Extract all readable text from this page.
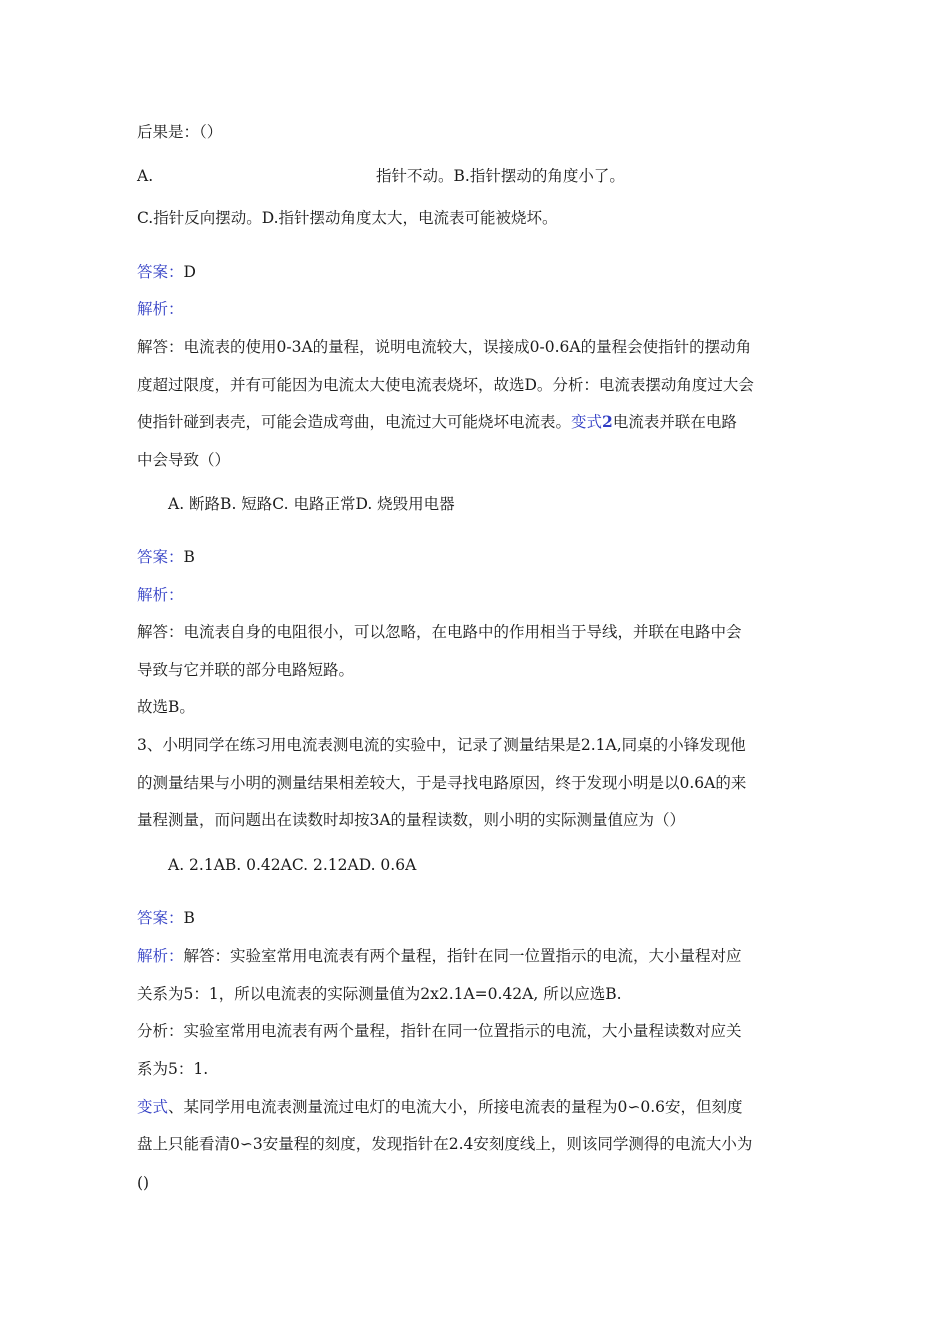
后果是：（）
A.	指针不动。B.指针摆动的角度小了。
C.指针反向摆动。D.指针摆动角度太大，电流表可能被烧坏。
答案：D
解析：
解答：电流表的使用0-3A的量程，说明电流较大，误接成0-0.6A的量程会使指针的摆动角
度超过限度，并有可能因为电流太大使电流表烧坏，故选D。分析：电流表摆动角度过大会
使指针碰到表壳，可能会造成弯曲，电流过大可能烧坏电流表。变式2电流表并联在电路
中会导致（）
A. 断路B. 短路C. 电路正常D. 烧毁用电器
答案：B
解析：
解答：电流表自身的电阻很小，可以忽略，在电路中的作用相当于导线，并联在电路中会
导致与它并联的部分电路短路。
故选B。
3、小明同学在练习用电流表测电流的实验中，记录了测量结果是2.1A,同桌的小锋发现他
的测量结果与小明的测量结果相差较大，于是寻找电路原因，终于发现小明是以0.6A的来
量程测量，而问题出在读数时却按3A的量程读数，则小明的实际测量值应为（）
A. 2.1AB. 0.42AC. 2.12AD. 0.6A
答案：B
解析：解答：实验室常用电流表有两个量程，指针在同一位置指示的电流，大小量程对应
关系为5：1，所以电流表的实际测量值为2x2.1A=0.42A, 所以应选B.
分析：实验室常用电流表有两个量程，指针在同一位置指示的电流，大小量程读数对应关
系为5：1.
变式、某同学用电流表测量流过电灯的电流大小，所接电流表的量程为0∽0.6安，但刻度
盘上只能看清0∽3安量程的刻度，发现指针在2.4安刻度线上，则该同学测得的电流大小为
()
